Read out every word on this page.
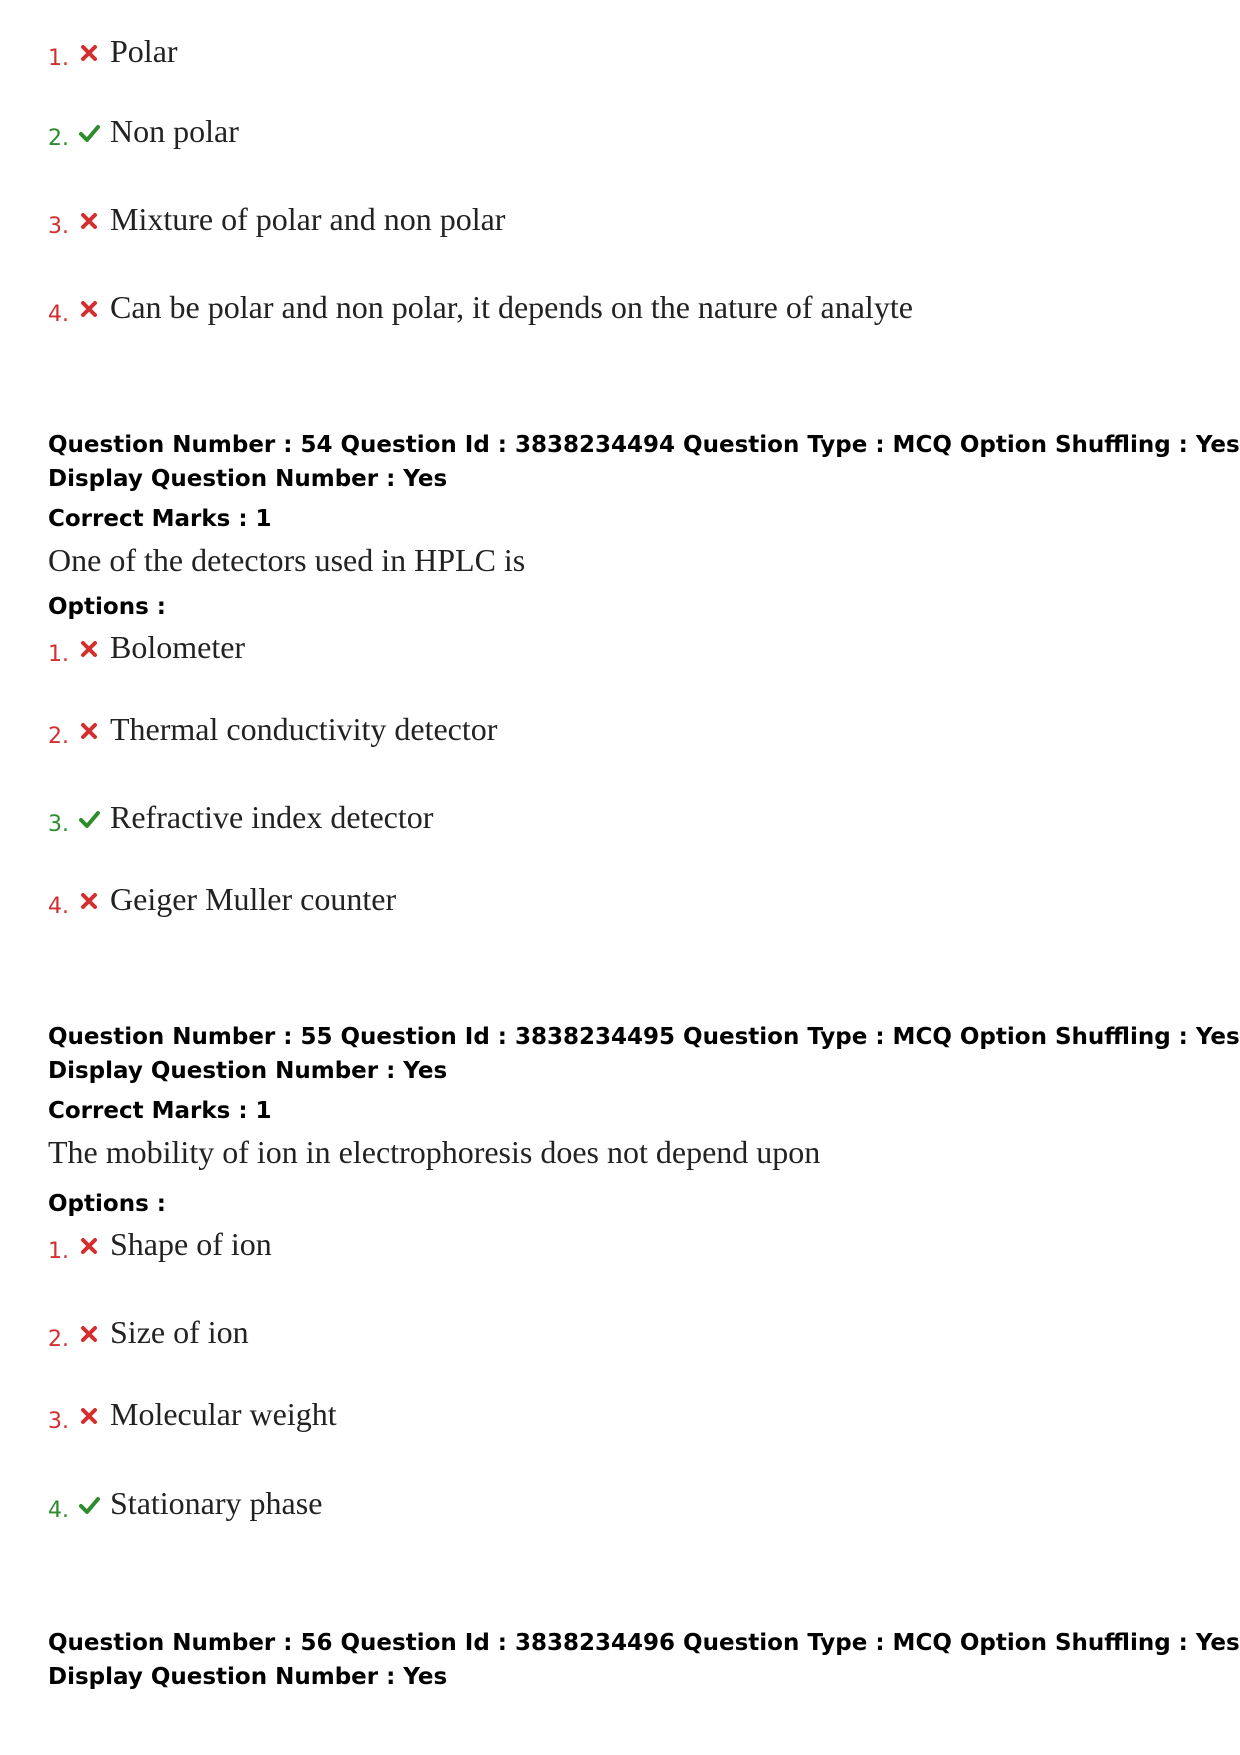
1. Polar
2. Non polar
3. Mixture of polar and non polar
4. Can be polar and non polar, it depends on the nature of analyte
Question Number : 54 Question Id : 3838234494 Question Type : MCQ Option Shuffling : Yes
Display Question Number : Yes
Correct Marks : 1
One of the detectors used in HPLC is
Options :
1. Bolometer
2. Thermal conductivity detector
3. Refractive index detector
4. Geiger Muller counter
Question Number : 55 Question Id : 3838234495 Question Type : MCQ Option Shuffling : Yes
Display Question Number : Yes
Correct Marks : 1
The mobility of ion in electrophoresis does not depend upon
Options :
1. Shape of ion
2. Size of ion
3. Molecular weight
4. Stationary phase
Question Number : 56 Question Id : 3838234496 Question Type : MCQ Option Shuffling : Yes
Display Question Number : Yes
